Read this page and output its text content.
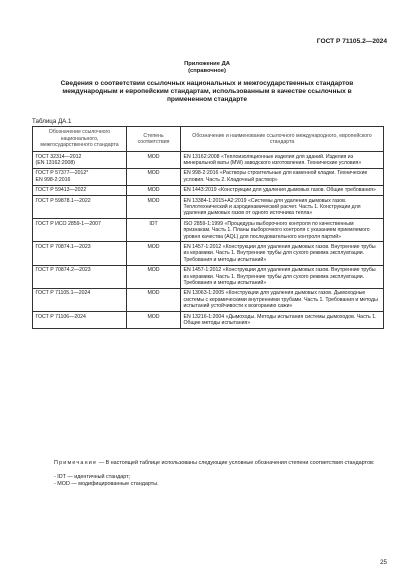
ГОСТ Р 71105.2—2024
Приложение ДА
(справочное)
Сведения о соответствии ссылочных национальных и межгосударственных стандартов международным и европейским стандартам, использованным в качестве ссылочных в примененном стандарте
Таблица ДА.1
Обозначение ссылочного национального, межгосударственного стандарта	Степень соответствия	Обозначение и наименование ссылочного международного, европейского стандарта
ГОСТ 32314—2012
(EN 13162:2008)	MOD	EN 13162:2008 «Теплоизоляционные изделия для зданий. Изделия из минеральной ваты (MW) заводского изготовления. Технические условия»
ГОСТ Р 57377—2012*
EN 998-2:2016	MOD	EN 998-2:2016 «Растворы строительные для каменной кладки. Технические условия. Часть 2. Кладочный раствор»
ГОСТ Р 59413—2022	MOD	EN 1443:2019 «Конструкции для удаления дымовых газов. Общие требования»
ГОСТ Р 59878.1—2022	MOD	EN 13384-1:2015+A2:2019 «Системы для удаления дымовых газов. Теплотехнический и аэродинамический расчет. Часть 1. Конструкции для удаления дымовых газов от одного источника тепла»
ГОСТ Р ИСО 2859-1—2007	IDT	ISO 2859-1:1999 «Процедуры выборочного контроля по качественным признакам. Часть 1. Планы выборочного контроля с указанием приемлемого уровня качества (AQL) для последовательного контроля партий»
ГОСТ Р 70874.1—2023	MOD	EN 1457-1:2012 «Конструкции для удаления дымовых газов. Внутренние трубы из керамики. Часть 1. Внутренние трубы для сухого режима эксплуатации. Требования и методы испытаний»
ГОСТ Р 70874.2—2023	MOD	EN 1457-1:2012 «Конструкции для удаления дымовых газов. Внутренние трубы из керамики. Часть 1. Внутренние трубы для сухого режима эксплуатации. Требования и методы испытаний»
ГОСТ Р 71105.1—2024	MOD	EN 13063-1:2005 «Конструкции для удаления дымовых газов. Дымоходные системы с керамическими внутренними трубами. Часть 1. Требования и методы испытаний устойчивости к возгоранию сажи»
ГОСТ Р 71106—2024	MOD	EN 13216-1:2004 «Дымоходы. Методы испытания системы дымоходов. Часть 1. Общие методы испытания»
Примечание — В настоящей таблице использованы следующие условные обозначения степени соответствия стандартов:
- IDT — идентичный стандарт;
- MOD — модифицированные стандарты.
25
